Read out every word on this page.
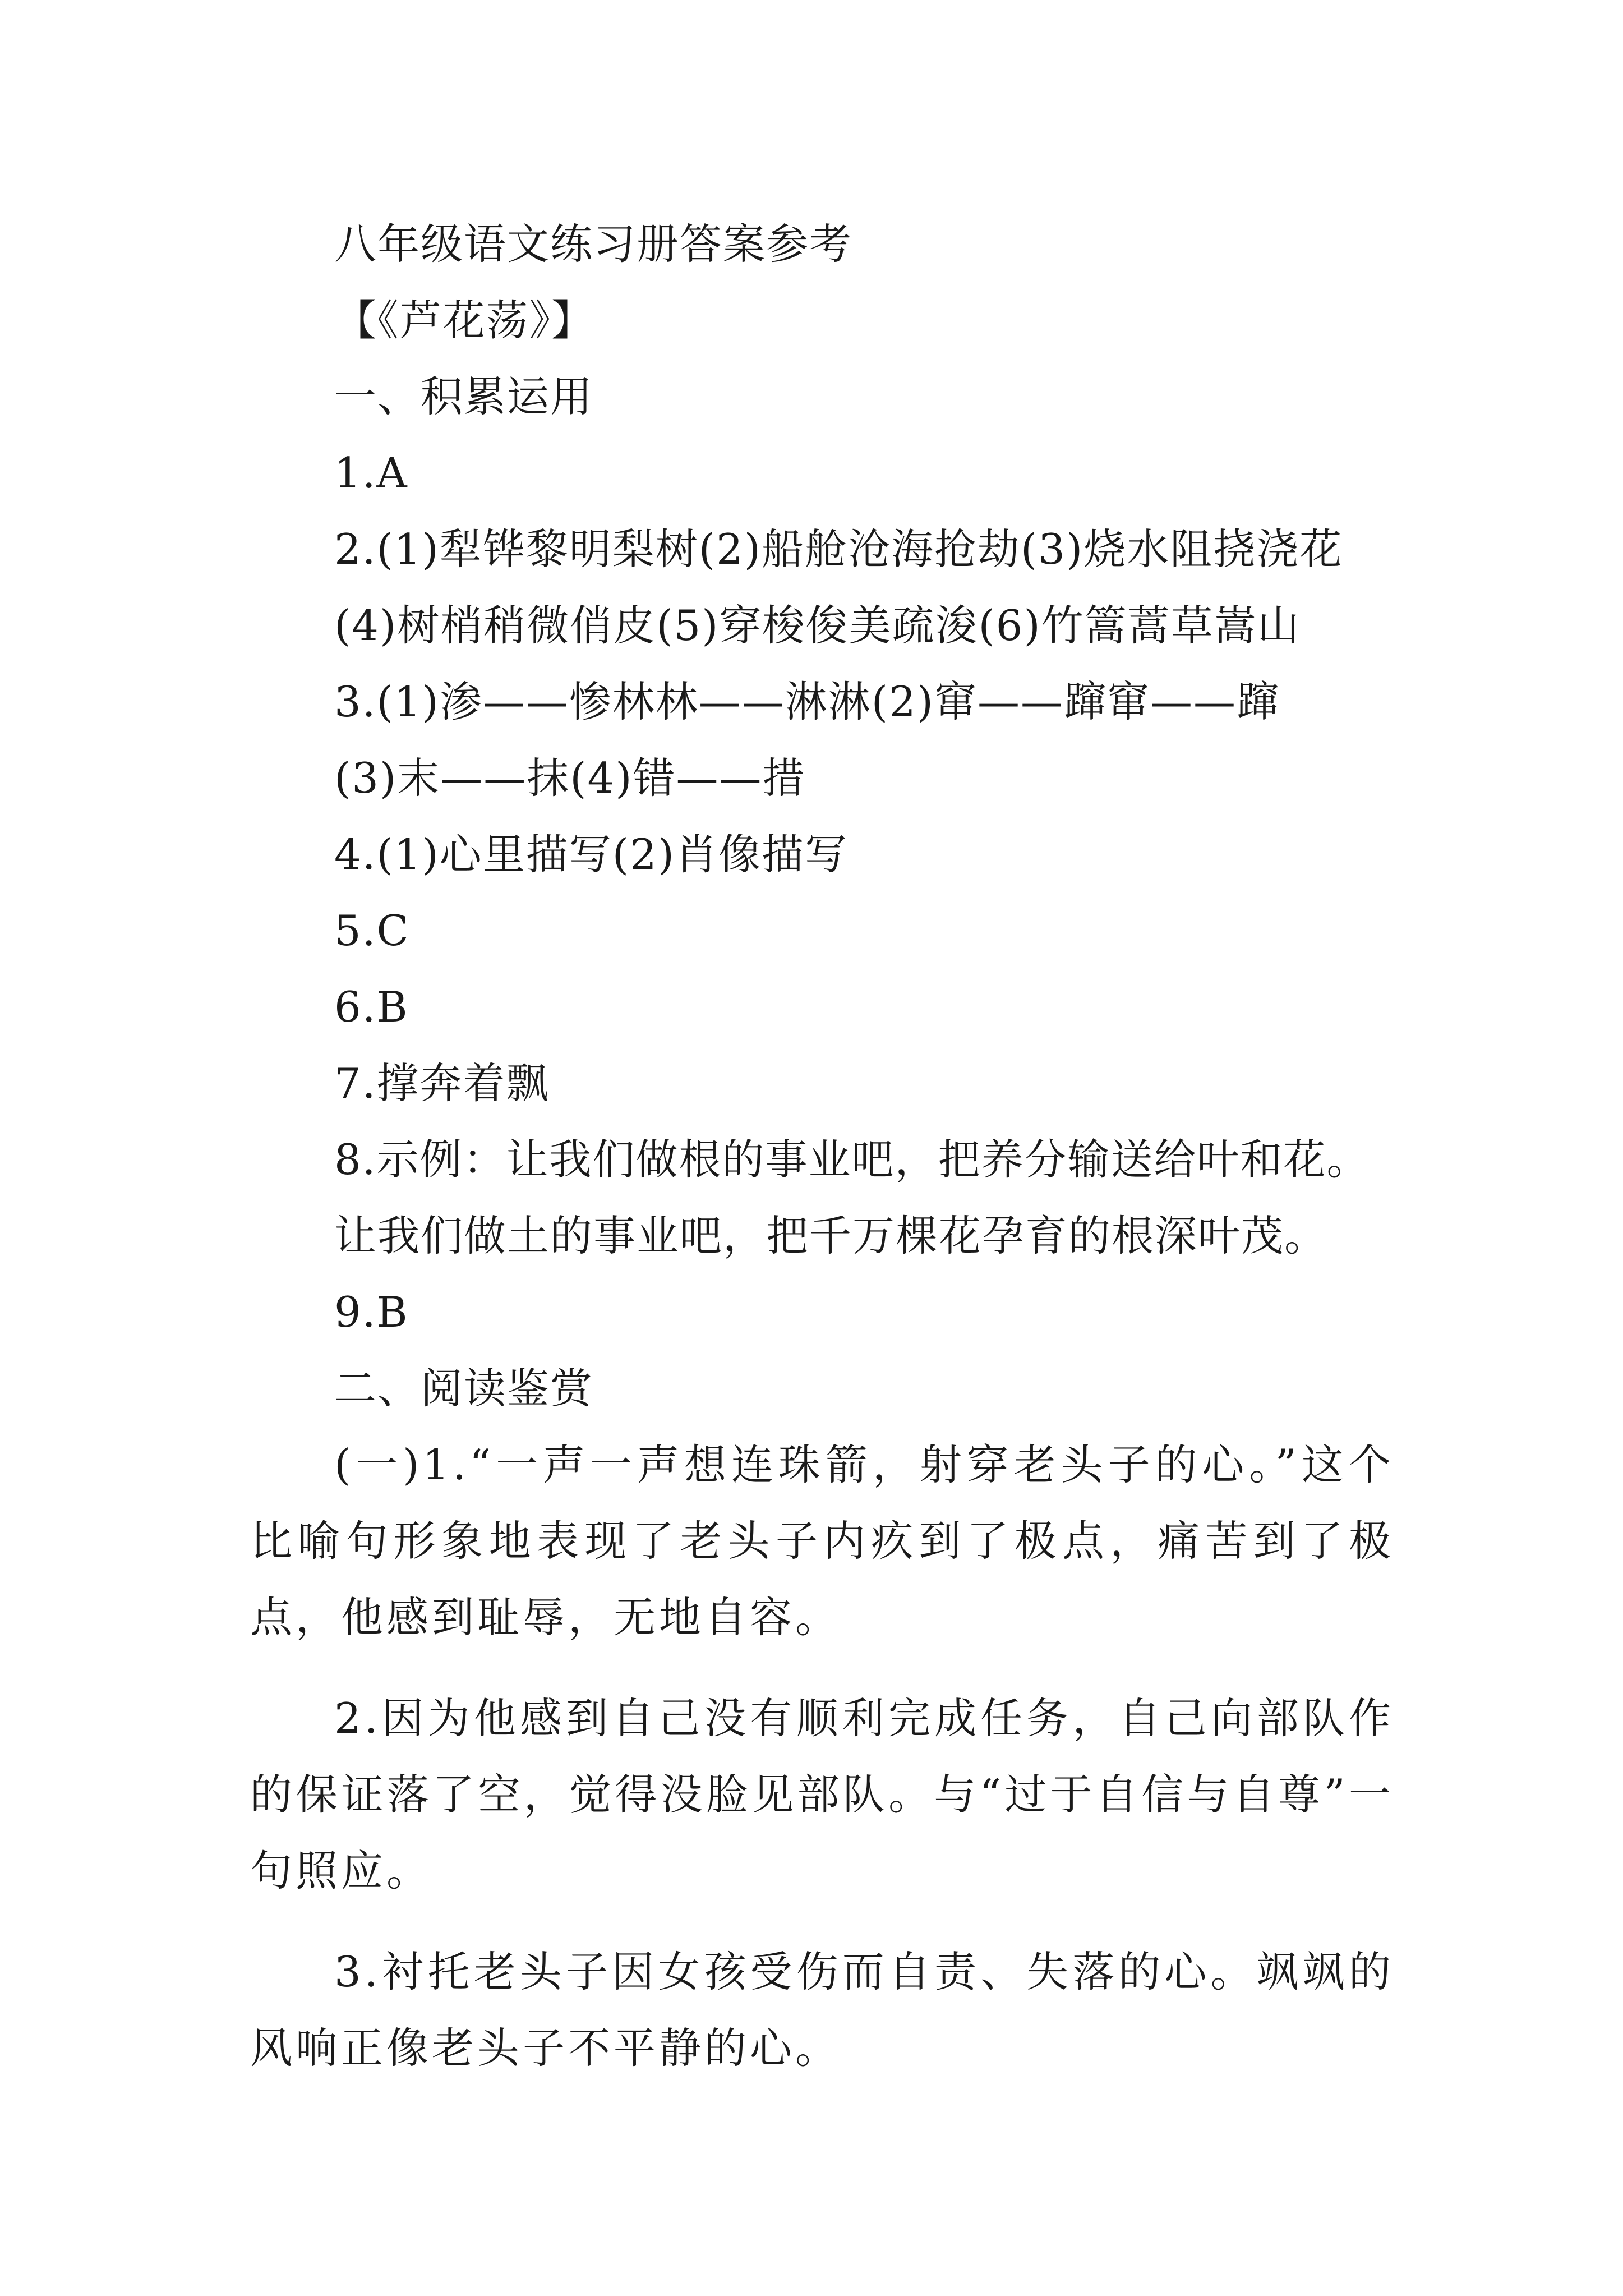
八年级语文练习册答案参考

【《芦花荡》】

一、积累运用

1.A

2.(1)犁铧黎明梨树(2)船舱沧海抢劫(3)烧水阻挠浇花

(4)树梢稍微俏皮(5)穿梭俊美疏浚(6)竹篙蒿草嵩山

3.(1)渗——惨林林——淋淋(2)窜——蹿窜——蹿

(3)末——抹(4)错——措

4.(1)心里描写(2)肖像描写

5.C

6.B

7.撑奔着飘

8.示例：让我们做根的事业吧，把养分输送给叶和花。

让我们做土的事业吧，把千万棵花孕育的根深叶茂。

9.B

二、阅读鉴赏

(一)1.“一声一声想连珠箭，射穿老头子的心。”这个比喻句形象地表现了老头子内疚到了极点，痛苦到了极点，他感到耻辱，无地自容。

2.因为他感到自己没有顺利完成任务，自己向部队作的保证落了空，觉得没脸见部队。与“过于自信与自尊”一句照应。

3.衬托老头子因女孩受伤而自责、失落的心。飒飒的风响正像老头子不平静的心。
